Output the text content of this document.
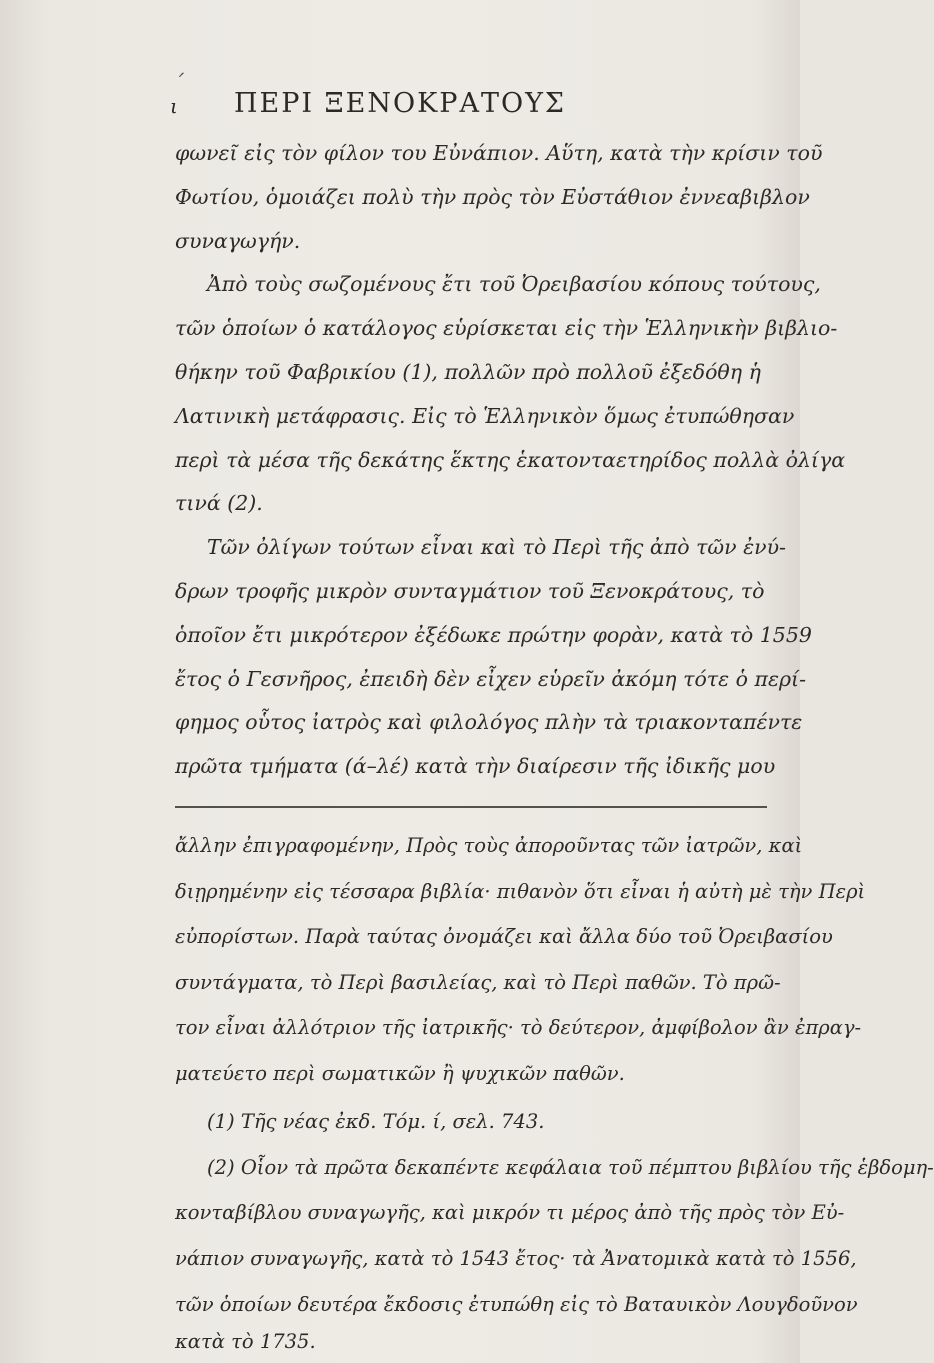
ˊ
ι ΠΕΡΙ ΞΕΝΟΚΡΑΤΟΥΣ
φωνεῖ εἰς τὸν φίλον του Εὐνάπιον. Αὕτη, κατὰ τὴν κρίσιν τοῦ
Φωτίου, ὁμοιάζει πολὺ τὴν πρὸς τὸν Εὐστάθιον ἐννεαβιβλον
συναγωγήν.
Ἀπὸ τοὺς σωζομένους ἔτι τοῦ Ὀρειβασίου κόπους τούτους,
τῶν ὁποίων ὁ κατάλογος εὑρίσκεται εἰς τὴν Ἑλληνικὴν βιβλιο-
θήκην τοῦ Φαβρικίου (1), πολλῶν πρὸ πολλοῦ ἐξεδόθη ἡ
Λατινικὴ μετάφρασις. Εἰς τὸ Ἑλληνικὸν ὅμως ἐτυπώθησαν
περὶ τὰ μέσα τῆς δεκάτης ἕκτης ἑκατονταετηρίδος πολλὰ ὀλίγα
τινά (2).
Τῶν ὀλίγων τούτων εἶναι καὶ τὸ Περὶ τῆς ἀπὸ τῶν ἐνύ-
δρων τροφῆς μικρὸν συνταγμάτιον τοῦ Ξενοκράτους, τὸ
ὁποῖον ἔτι μικρότερον ἐξέδωκε πρώτην φορὰν, κατὰ τὸ 1559
ἔτος ὁ Γεσνῆρος, ἐπειδὴ δὲν εἶχεν εὑρεῖν ἀκόμη τότε ὁ περί-
ἄλλην ἐπιγραφομένην, Πρὸς τοὺς ἀποροῦντας τῶν ἰατρῶν, καὶ
διῃρημένην εἰς τέσσαρα βιβλία· πιθανὸν ὅτι εἶναι ἡ αὐτὴ μὲ τὴν Περὶ
εὐπορίστων. Παρὰ ταύτας ὀνομάζει καὶ ἄλλα δύο τοῦ Ὀρειβασίου
συντάγματα, τὸ Περὶ βασιλείας, καὶ τὸ Περὶ παθῶν. Τὸ πρῶ-
τον εἶναι ἀλλότριον τῆς ἰατρικῆς· τὸ δεύτερον, ἀμφίβολον ἂν ἐπραγ-
ματεύετο περὶ σωματικῶν ἢ ψυχικῶν παθῶν.
(1) Τῆς νέας ἐκδ. Τόμ. ί, σελ. 743.
(2) Οἷον τὰ πρῶτα δεκαπέντε κεφάλαια τοῦ πέμπτου βιβλίου τῆς ἑβδομη-
κονταβίβλου συναγωγῆς, καὶ μικρόν τι μέρος ἀπὸ τῆς πρὸς τὸν Εὐ-
νάπιον συναγωγῆς, κατὰ τὸ 1543 ἔτος· τὰ Ἀνατομικὰ κατὰ τὸ 1556,
τῶν ὁποίων δευτέρα ἔκδοσις ἐτυπώθη εἰς τὸ Βαταυικὸν Λουγδοῦνον
κατὰ τὸ 1735.
φημος οὗτος ἰατρὸς καὶ φιλολόγος πλὴν τὰ τριακονταπέντε
πρῶτα τμήματα (ά–λέ) κατὰ τὴν διαίρεσιν τῆς ἰδικῆς μου
